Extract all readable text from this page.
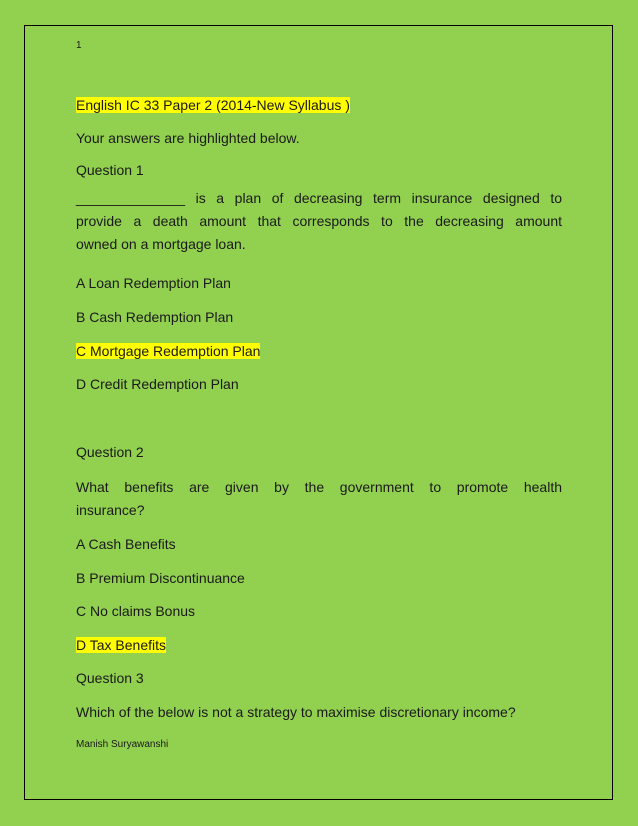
1
English IC 33 Paper 2 (2014-New Syllabus )
Your answers are highlighted below.
Question 1
______________ is a plan of decreasing term insurance designed to
provide a death amount that corresponds to the decreasing amount
owned on a mortgage loan.
A Loan Redemption Plan
B Cash Redemption Plan
C Mortgage Redemption Plan
D Credit Redemption Plan
Question 2
What benefits are given by the government to promote health
insurance?
A Cash Benefits
B Premium Discontinuance
C No claims Bonus
D Tax Benefits
Question 3
Which of the below is not a strategy to maximise discretionary income?
Manish Suryawanshi
